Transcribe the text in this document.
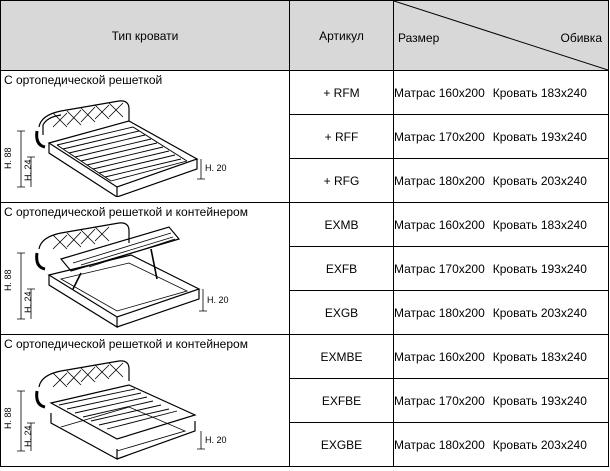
Тип кровати	Артикул	Размер Обивка

С ортопедической решеткой
H. 88
H. 24 H. 20	+ RFM	Матрас 160х200 Кровать 183х240
	+ RFF	Матрас 170х200 Кровать 193х240
	+ RFG	Матрас 180х200 Кровать 203х240

С ортопедической решеткой и контейнером
H. 88
H. 24 H. 20	EXMB	Матрас 160х200 Кровать 183х240
	EXFB	Матрас 170х200 Кровать 193х240
	EXGB	Матрас 180х200 Кровать 203х240

С ортопедической решеткой и контейнером
H. 88
H. 24 H. 20	EXMBE	Матрас 160х200 Кровать 183х240
	EXFBE	Матрас 170х200 Кровать 193х240
	EXGBE	Матрас 180х200 Кровать 203х240
